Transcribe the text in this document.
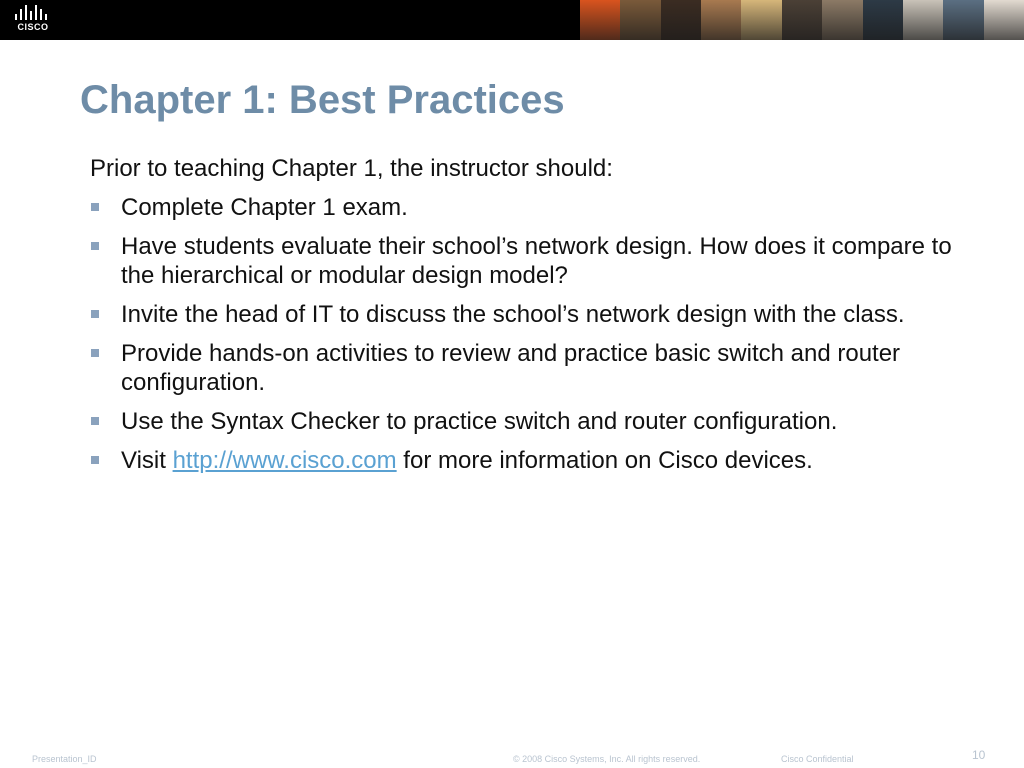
CISCO
Chapter 1: Best Practices

Prior to teaching Chapter 1, the instructor should:

Complete Chapter 1 exam.
Have students evaluate their school’s network design. How does it compare to the hierarchical or modular design model?
Invite the head of IT to discuss the school’s network design with the class.
Provide hands-on activities to review and practice basic switch and router configuration.
Use the Syntax Checker to practice switch and router configuration.
Visit http://www.cisco.com for more information on Cisco devices.
Presentation_ID	© 2008 Cisco Systems, Inc. All rights reserved.	Cisco Confidential	10
